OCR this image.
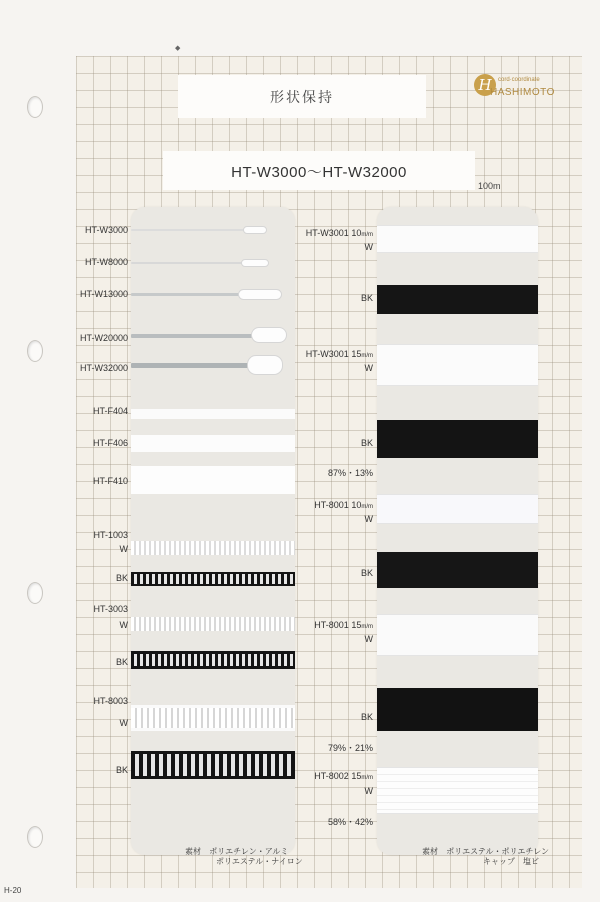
◆
形状保持
HT-W3000～HT-W32000
H	cord·coordinate
HASHIMOTO
100m
HT-W3000
HT-W8000
HT-W13000
HT-W20000
HT-W32000
HT-F404
HT-F406
HT-F410
HT-1003
W
BK
HT-3003
W
BK
HT-8003
W
BK
HT-W3001 10m/m
W
BK
HT-W3001 15m/m
W
BK
87%・13%
HT-8001 10m/m
W
BK
HT-8001 15m/m
W
BK
79%・21%
HT-8002 15m/m
W
58%・42%
素材 ポリエチレン・アルミ
ポリエステル・ナイロン
素材 ポリエステル・ポリエチレン
キャップ　塩ビ
H-20
